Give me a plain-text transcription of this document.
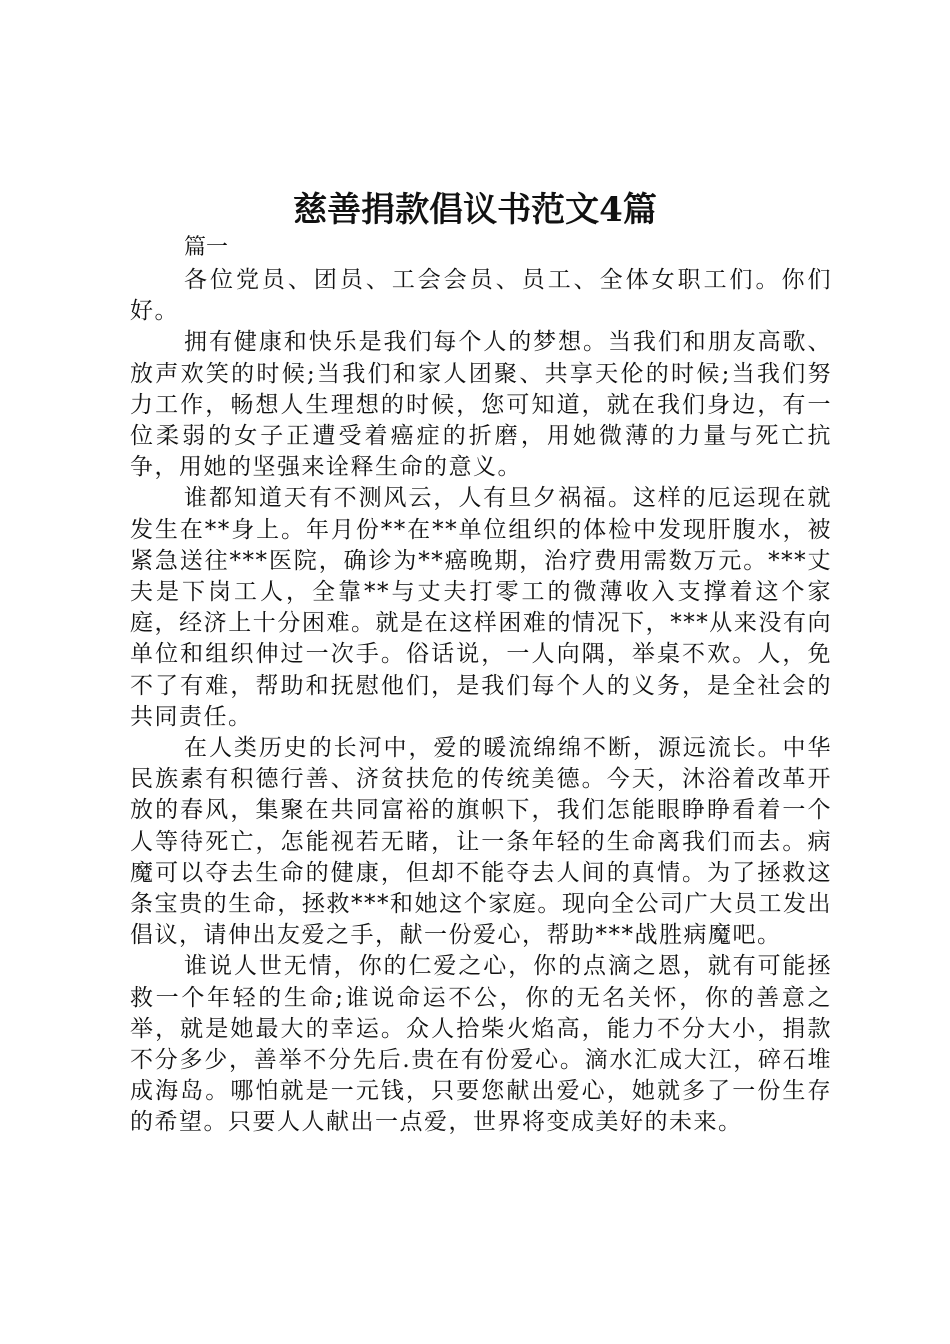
慈善捐款倡议书范文4篇

篇一

各位党员、团员、工会会员、员工、全体女职工们。你们好。

拥有健康和快乐是我们每个人的梦想。当我们和朋友高歌、放声欢笑的时候;当我们和家人团聚、共享天伦的时候;当我们努力工作，畅想人生理想的时候，您可知道，就在我们身边，有一位柔弱的女子正遭受着癌症的折磨，用她微薄的力量与死亡抗争，用她的坚强来诠释生命的意义。

谁都知道天有不测风云，人有旦夕祸福。这样的厄运现在就发生在**身上。年月份**在**单位组织的体检中发现肝腹水，被紧急送往***医院，确诊为**癌晚期，治疗费用需数万元。***丈夫是下岗工人，全靠**与丈夫打零工的微薄收入支撑着这个家庭，经济上十分困难。就是在这样困难的情况下，***从来没有向单位和组织伸过一次手。俗话说，一人向隅，举桌不欢。人，免不了有难，帮助和抚慰他们，是我们每个人的义务，是全社会的共同责任。

在人类历史的长河中，爱的暖流绵绵不断，源远流长。中华民族素有积德行善、济贫扶危的传统美德。今天，沐浴着改革开放的春风，集聚在共同富裕的旗帜下，我们怎能眼睁睁看着一个人等待死亡，怎能视若无睹，让一条年轻的生命离我们而去。病魔可以夺去生命的健康，但却不能夺去人间的真情。为了拯救这条宝贵的生命，拯救***和她这个家庭。现向全公司广大员工发出倡议，请伸出友爱之手，献一份爱心，帮助***战胜病魔吧。

谁说人世无情，你的仁爱之心，你的点滴之恩，就有可能拯救一个年轻的生命;谁说命运不公，你的无名关怀，你的善意之举，就是她最大的幸运。众人拾柴火焰高，能力不分大小，捐款不分多少，善举不分先后.贵在有份爱心。滴水汇成大江，碎石堆成海岛。哪怕就是一元钱，只要您献出爱心，她就多了一份生存的希望。只要人人献出一点爱，世界将变成美好的未来。
